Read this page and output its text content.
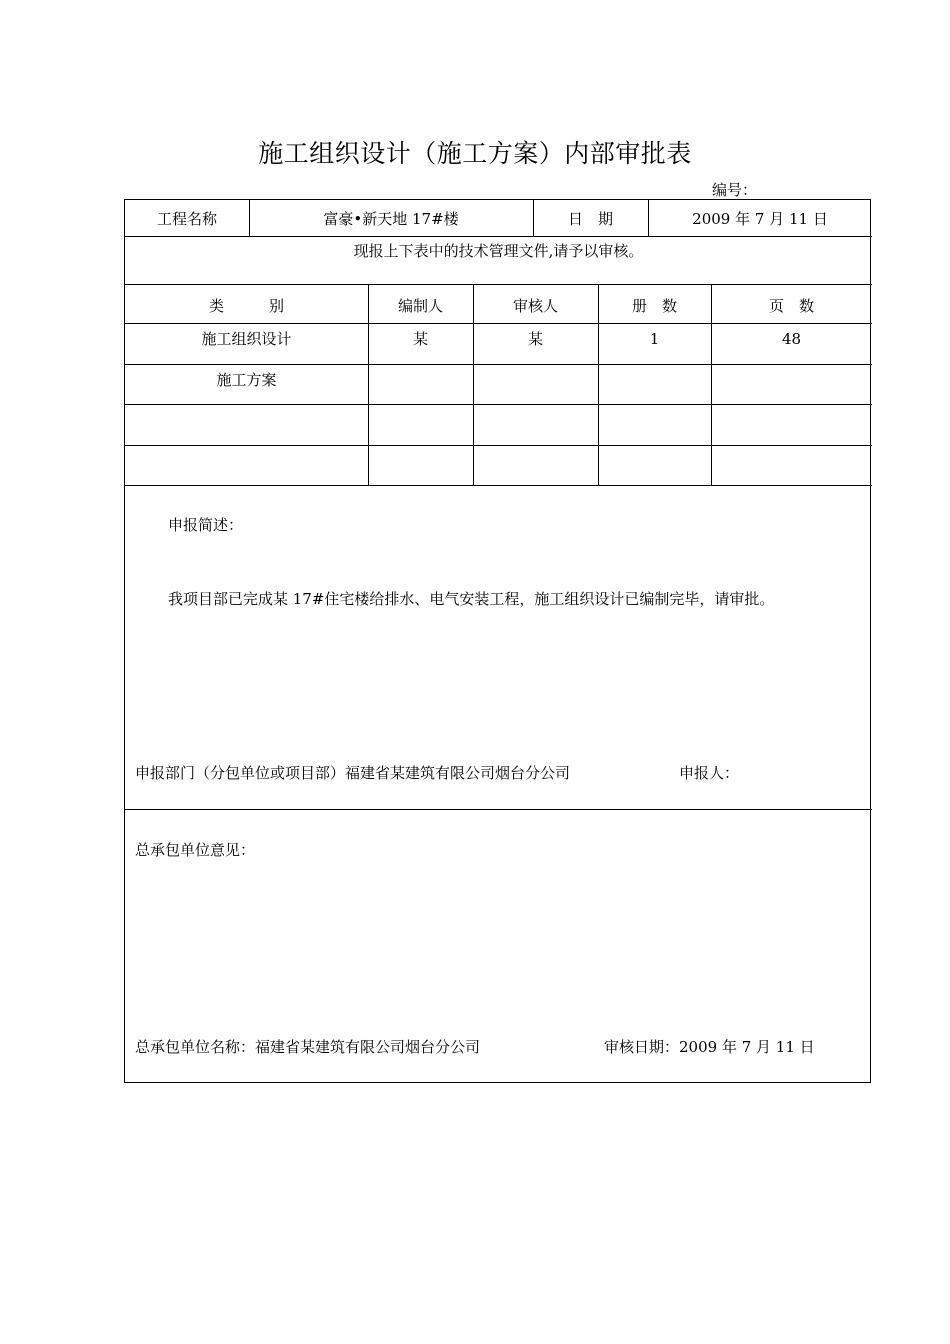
施工组织设计（施工方案）内部审批表
编号：
工程名称	富豪•新天地 17#楼	日　期	2009 年 7 月 11 日
现报上下表中的技术管理文件,请予以审核。
类　　　别	编制人	审核人	册　数	页　数
施工组织设计	某	某	1	48
施工方案
申报简述：
我项目部已完成某 17#住宅楼给排水、电气安装工程，施工组织设计已编制完毕，请审批。
申报部门（分包单位或项目部）福建省某建筑有限公司烟台分公司	申报人：
总承包单位意见：
总承包单位名称：福建省某建筑有限公司烟台分公司	审核日期：2009 年 7 月 11 日
